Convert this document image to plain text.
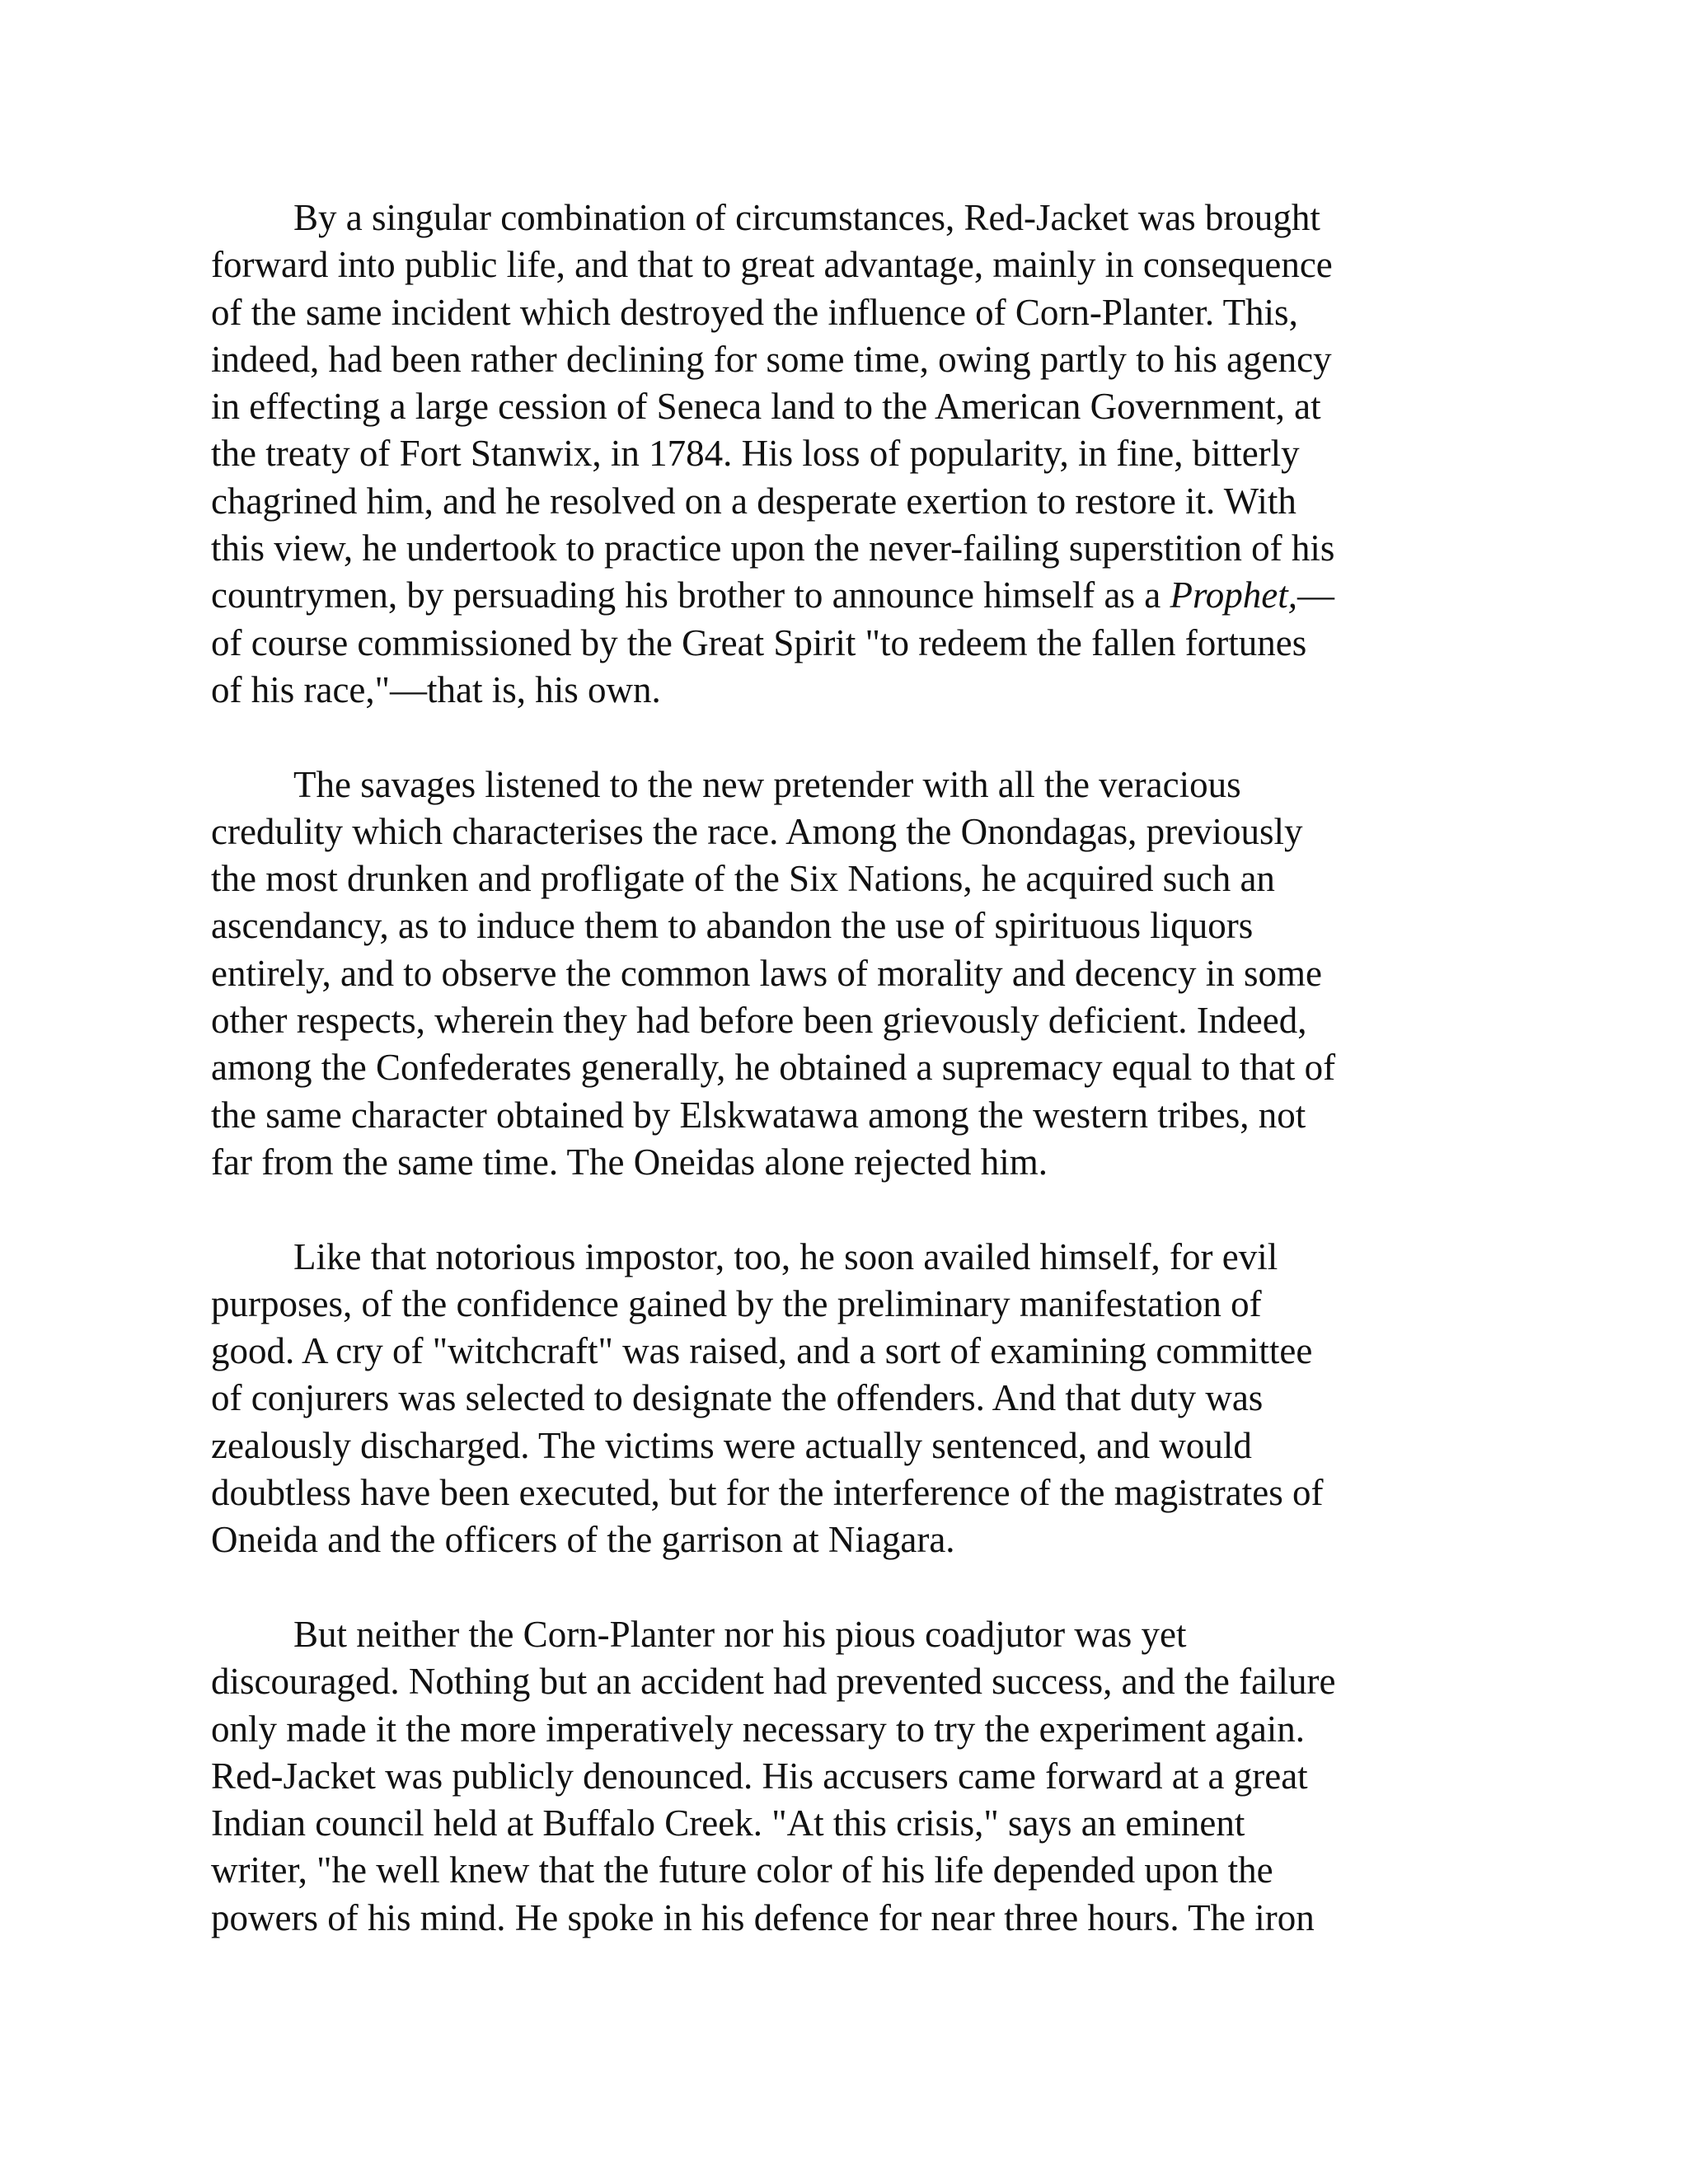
By a singular combination of circumstances, Red-Jacket was brought
forward into public life, and that to great advantage, mainly in consequence
of the same incident which destroyed the influence of Corn-Planter. This,
indeed, had been rather declining for some time, owing partly to his agency
in effecting a large cession of Seneca land to the American Government, at
the treaty of Fort Stanwix, in 1784. His loss of popularity, in fine, bitterly
chagrined him, and he resolved on a desperate exertion to restore it. With
this view, he undertook to practice upon the never-failing superstition of his
countrymen, by persuading his brother to announce himself as a Prophet,—
of course commissioned by the Great Spirit "to redeem the fallen fortunes
of his race,"—that is, his own.

The savages listened to the new pretender with all the veracious
credulity which characterises the race. Among the Onondagas, previously
the most drunken and profligate of the Six Nations, he acquired such an
ascendancy, as to induce them to abandon the use of spirituous liquors
entirely, and to observe the common laws of morality and decency in some
other respects, wherein they had before been grievously deficient. Indeed,
among the Confederates generally, he obtained a supremacy equal to that of
the same character obtained by Elskwatawa among the western tribes, not
far from the same time. The Oneidas alone rejected him.

Like that notorious impostor, too, he soon availed himself, for evil
purposes, of the confidence gained by the preliminary manifestation of
good. A cry of "witchcraft" was raised, and a sort of examining committee
of conjurers was selected to designate the offenders. And that duty was
zealously discharged. The victims were actually sentenced, and would
doubtless have been executed, but for the interference of the magistrates of
Oneida and the officers of the garrison at Niagara.

But neither the Corn-Planter nor his pious coadjutor was yet
discouraged. Nothing but an accident had prevented success, and the failure
only made it the more imperatively necessary to try the experiment again.
Red-Jacket was publicly denounced. His accusers came forward at a great
Indian council held at Buffalo Creek. "At this crisis," says an eminent
writer, "he well knew that the future color of his life depended upon the
powers of his mind. He spoke in his defence for near three hours. The iron
